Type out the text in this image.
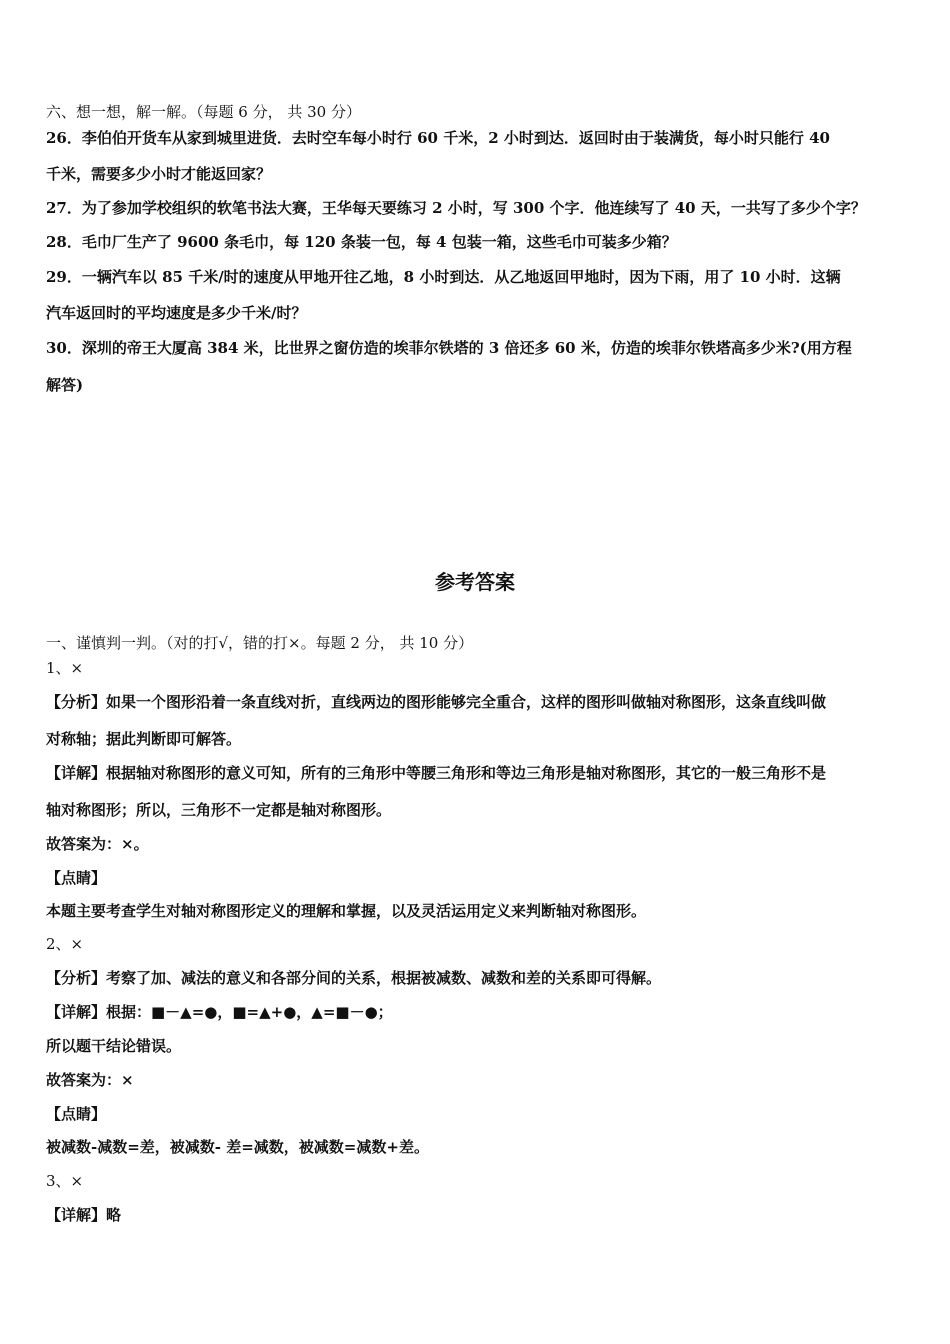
六、想一想，解一解。（每题 6 分， 共 30 分）
26．李伯伯开货车从家到城里进货．去时空车每小时行 60 千米，2 小时到达．返回时由于装满货，每小时只能行 40
千米，需要多少小时才能返回家？
27．为了参加学校组织的软笔书法大赛，王华每天要练习 2 小时，写 300 个字．他连续写了 40 天，一共写了多少个字？
28．毛巾厂生产了 9600 条毛巾，每 120 条装一包，每 4 包装一箱，这些毛巾可装多少箱？
29．一辆汽车以 85 千米/时的速度从甲地开往乙地，8 小时到达．从乙地返回甲地时，因为下雨，用了 10 小时．这辆
汽车返回时的平均速度是多少千米/时？
30．深圳的帝王大厦高 384 米，比世界之窗仿造的埃菲尔铁塔的 3 倍还多 60 米，仿造的埃菲尔铁塔高多少米?(用方程
解答)
参考答案
一、谨慎判一判。（对的打√，错的打×。每题 2 分， 共 10 分）
1、×
【分析】如果一个图形沿着一条直线对折，直线两边的图形能够完全重合，这样的图形叫做轴对称图形，这条直线叫做
对称轴；据此判断即可解答。
【详解】根据轴对称图形的意义可知，所有的三角形中等腰三角形和等边三角形是轴对称图形，其它的一般三角形不是
轴对称图形；所以，三角形不一定都是轴对称图形。
故答案为：×。
【点睛】
本题主要考查学生对轴对称图形定义的理解和掌握，以及灵活运用定义来判断轴对称图形。
2、×
【分析】考察了加、减法的意义和各部分间的关系，根据被减数、减数和差的关系即可得解。
【详解】根据：■－▲=●，■=▲+●，▲=■－●；
所以题干结论错误。
故答案为：×
【点睛】
被减数-减数=差，被减数- 差=减数，被减数=减数+差。
3、×
【详解】略
